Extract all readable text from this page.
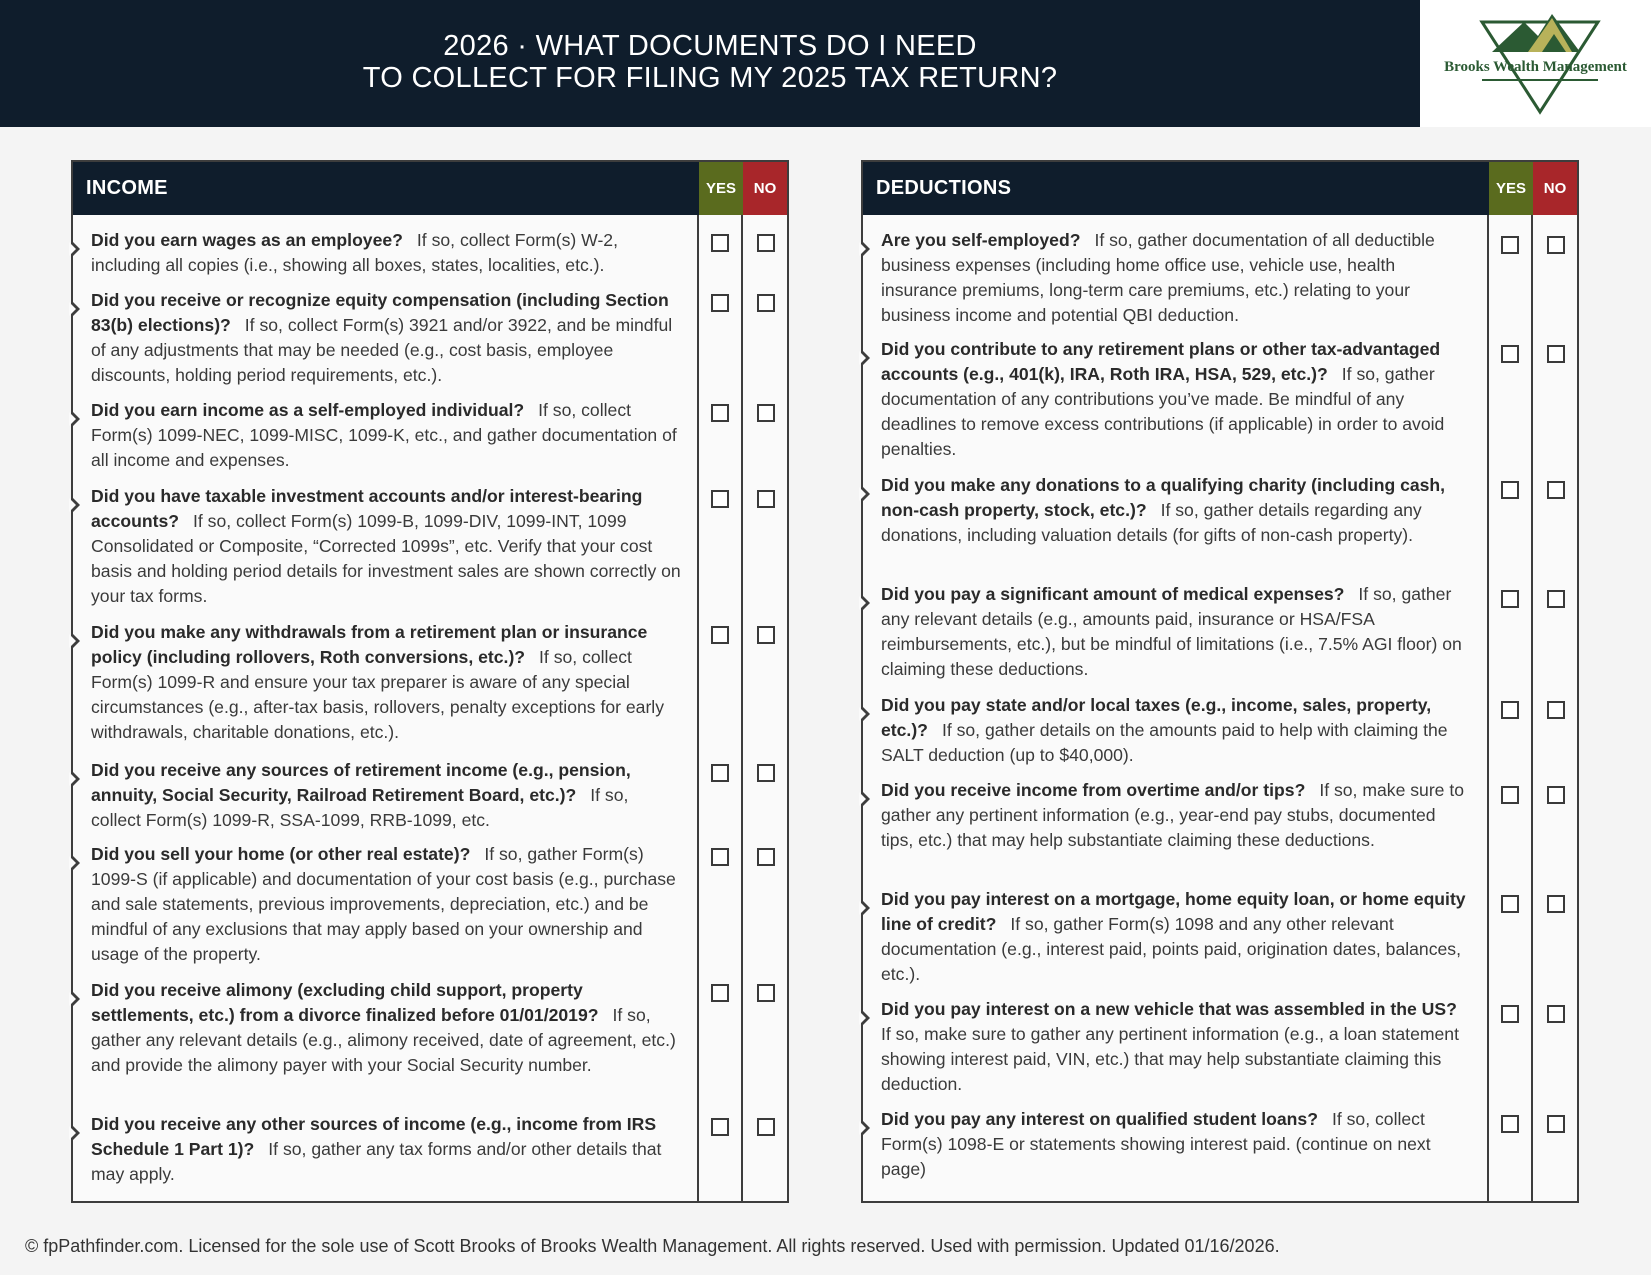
2026 · WHAT DOCUMENTS DO I NEED
TO COLLECT FOR FILING MY 2025 TAX RETURN?	Brooks Wealth Management
INCOME	YES	NO
Did you earn wages as an employee? If so, collect Form(s) W-2, including all copies (i.e., showing all boxes, states, localities, etc.).
Did you receive or recognize equity compensation (including Section 83(b) elections)? If so, collect Form(s) 3921 and/or 3922, and be mindful of any adjustments that may be needed (e.g., cost basis, employee discounts, holding period requirements, etc.).
Did you earn income as a self-employed individual? If so, collect Form(s) 1099-NEC, 1099-MISC, 1099-K, etc., and gather documentation of all income and expenses.
Did you have taxable investment accounts and/or interest-bearing accounts? If so, collect Form(s) 1099-B, 1099-DIV, 1099-INT, 1099 Consolidated or Composite, “Corrected 1099s”, etc. Verify that your cost basis and holding period details for investment sales are shown correctly on your tax forms.
Did you make any withdrawals from a retirement plan or insurance policy (including rollovers, Roth conversions, etc.)? If so, collect Form(s) 1099-R and ensure your tax preparer is aware of any special circumstances (e.g., after-tax basis, rollovers, penalty exceptions for early withdrawals, charitable donations, etc.).
Did you receive any sources of retirement income (e.g., pension, annuity, Social Security, Railroad Retirement Board, etc.)? If so, collect Form(s) 1099-R, SSA-1099, RRB-1099, etc.
Did you sell your home (or other real estate)? If so, gather Form(s) 1099-S (if applicable) and documentation of your cost basis (e.g., purchase and sale statements, previous improvements, depreciation, etc.) and be mindful of any exclusions that may apply based on your ownership and usage of the property.
Did you receive alimony (excluding child support, property settlements, etc.) from a divorce finalized before 01/01/2019? If so, gather any relevant details (e.g., alimony received, date of agreement, etc.) and provide the alimony payer with your Social Security number.
Did you receive any other sources of income (e.g., income from IRS Schedule 1 Part 1)? If so, gather any tax forms and/or other details that may apply.
DEDUCTIONS	YES	NO
Are you self-employed? If so, gather documentation of all deductible business expenses (including home office use, vehicle use, health insurance premiums, long-term care premiums, etc.) relating to your business income and potential QBI deduction.
Did you contribute to any retirement plans or other tax-advantaged accounts (e.g., 401(k), IRA, Roth IRA, HSA, 529, etc.)? If so, gather documentation of any contributions you’ve made. Be mindful of any deadlines to remove excess contributions (if applicable) in order to avoid penalties.
Did you make any donations to a qualifying charity (including cash, non-cash property, stock, etc.)? If so, gather details regarding any donations, including valuation details (for gifts of non-cash property).
Did you pay a significant amount of medical expenses? If so, gather any relevant details (e.g., amounts paid, insurance or HSA/FSA reimbursements, etc.), but be mindful of limitations (i.e., 7.5% AGI floor) on claiming these deductions.
Did you pay state and/or local taxes (e.g., income, sales, property, etc.)? If so, gather details on the amounts paid to help with claiming the SALT deduction (up to $40,000).
Did you receive income from overtime and/or tips? If so, make sure to gather any pertinent information (e.g., year-end pay stubs, documented tips, etc.) that may help substantiate claiming these deductions.
Did you pay interest on a mortgage, home equity loan, or home equity line of credit? If so, gather Form(s) 1098 and any other relevant documentation (e.g., interest paid, points paid, origination dates, balances, etc.).
Did you pay interest on a new vehicle that was assembled in the US?If so, make sure to gather any pertinent information (e.g., a loan statement showing interest paid, VIN, etc.) that may help substantiate claiming this deduction.
Did you pay any interest on qualified student loans? If so, collect Form(s) 1098-E or statements showing interest paid. (continue on next page)
© fpPathfinder.com. Licensed for the sole use of Scott Brooks of Brooks Wealth Management. All rights reserved. Used with permission. Updated 01/16/2026.
